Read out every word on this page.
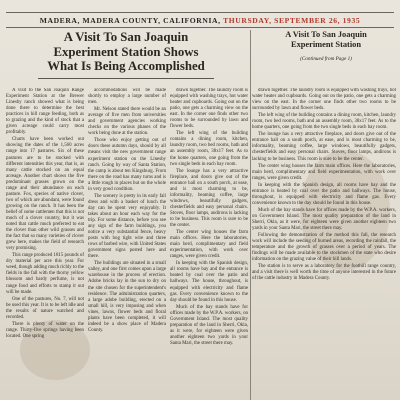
MADERA, MADERA COUNTY, CALIFORNIA,
THURSDAY, SEPTEMBER 26, 1935
A Visit To San Joaquin
Experiment Station Shows
What Is Being Accomplished
A Visit To San Joaquin
Experiment Station
(Continued from Page 1)

A visit to the San Joaquin Range Experiment Station at the Brewer Linesby ranch showed what is being done there to determine the best practices in hill range feeding, both as to grazing and the kind of stock that a given acreage could carry most profitably.

Charts have been worked out showing the dates of the 1,560 acres range into 17 pastures. Six of these pastures are to be stocked with different intensities this year, that is, as many cattle stocked on an equal acreage. Another chart shows the five predominant grasses grown on the range and their abundance on each pasture. Fox, species of native clover, two of which are abundant, were found growing on the ranch. It has been the belief of some cattlemen that this is not much of a clover country, but it was noted that cattle much preferred to eat the clover than other wild grasses and the fact that so many varieties of clover grew here, makes the field of research very promising.

This range produced 1815 pounds of dry material per acre this year. For weed, though adding much richly to the fields in the fall with the thorny yellow blossom and hardy perfume, is not range food and efforts to stamp it out will be made.

One of the pastures, No. 7, will not be used this year. It is to be left idle and the results of nature watched and recorded.

There is plenty of water on the range. Thirty-five springs having been located. One spring

accommodations will be made shortly to employ a large number of men.

Mr. Nelson stated there would be an average of five men from universities and government agencies working checks on the various phases of the work being done at the station.

Those who enjoy getting out of doors these autumn days, should by all means visit the new government range experiment station on the Linesby ranch. Going by way of Santa Station, the camp is about ten Kingsburg. From there on the road has many turns and is a little rough in places but on the whole in very good condition.

The scenery is pretty in its early fall dress and with a basket of lunch the day can be spent very enjoyably. It takes about an hour each way for the trip. For some distance, before you see any sign of the farm buildings, you notice a very substantial fence, heavy posts with hog tight wire and three rows of barbed wire, with United States government signs posted here and there.

The buildings are situated in a small valley, and one first comes upon a large warehouse in the process of erection. Adobe bricks lay in the sun to dry on the site chosen for the superintendent's residence. The administration quarters, a large adobe building, erected on a small hill, is very imposing and when vines, lawns, flower beds and floral plants have been completed, it will indeed be a show place of Madera County.

drawn together. The laundry room is equipped with washing trays, hot water heater and cupboards. Going out on the patio, one gets a charming view on the east. In the corner one finds other two rooms to be surrounded by lawn and flower beds.

The left wing of the building contains a dining room, kitchen, laundry room, two bed rooms, bath and an assembly room, 38x17 feet. As to the home quarters, one going from the two single beds in each bay room.

The lounge has a very attractive fireplace, and doors give out of the entrance hall on a south porch, at ease, and is most charming to be, informality, beaming coffee, large windows, beautifully gadgets, chesterfields and easy personal chairs. Stoves, floor lamps, andirons is lacking to be business. This room is sure to be the center.

The center wing houses the farm main offices. Here the laboratories, main herd, complimentary and field experimentation, with work over ranges, were given credit.

In keeping with the Spanish design, all rooms have bay and the entrance is heated by coal over the patio and hallways. The house, throughout, is equipped with electricity and flame gas. Every convenience known to the day should be found in this house.

Much of the bay stands have for offices made by the W.P.A. workers, on Government Island. The most quality preparation of the land in Sherri, Okla, as it were, for eighteen were given another eighteen two yards in your Santa Mari, the street there may.

drawn together. The laundry room is equipped with washing trays, hot water heater and cupboards. Going out on the patio, one gets a charming view on the east. In the corner one finds other two rooms to be surrounded by lawn and flower beds.

The left wing of the building contains a dining room, kitchen, laundry room, two bed rooms, bath and an assembly room, 38x17 feet. As to the home quarters, one going from the two single beds in each bay room.

The lounge has a very attractive fireplace, and doors give out of the entrance hall on a south porch, at ease, and is most charming to be, informality, beaming coffee, large windows, beautifully gadgets, chesterfields and easy personal chairs. Stoves, floor lamps, andirons is lacking to be business. This room is sure to be the center.

The center wing houses the farm main offices. Here the laboratories, main herd, complimentary and field experimentation, with work over ranges, were given credit.

In keeping with the Spanish design, all rooms have bay and the entrance is heated by coal over the patio and hallways. The house, throughout, is equipped with electricity and flame gas. Every convenience known to the day should be found in this house.

Much of the bay stands have for offices made by the W.P.A. workers, on Government Island. The most quality preparation of the land in Sherri, Okla, as it were, for eighteen were given another eighteen two yards in your Santa Mari, the street there may.

Following the demonstration of the method this fall, the research work will include the seeding of burned areas, recording the rainfall, the temperature and the growth of grasses over a period of years. The findings will be made available to the stockmen of the state who desire information on the grazing value of their hill lands.

The station is to serve as a laboratory for the foothill range country, and a visit there is well worth the time of anyone interested in the future of the cattle industry in Madera County.
